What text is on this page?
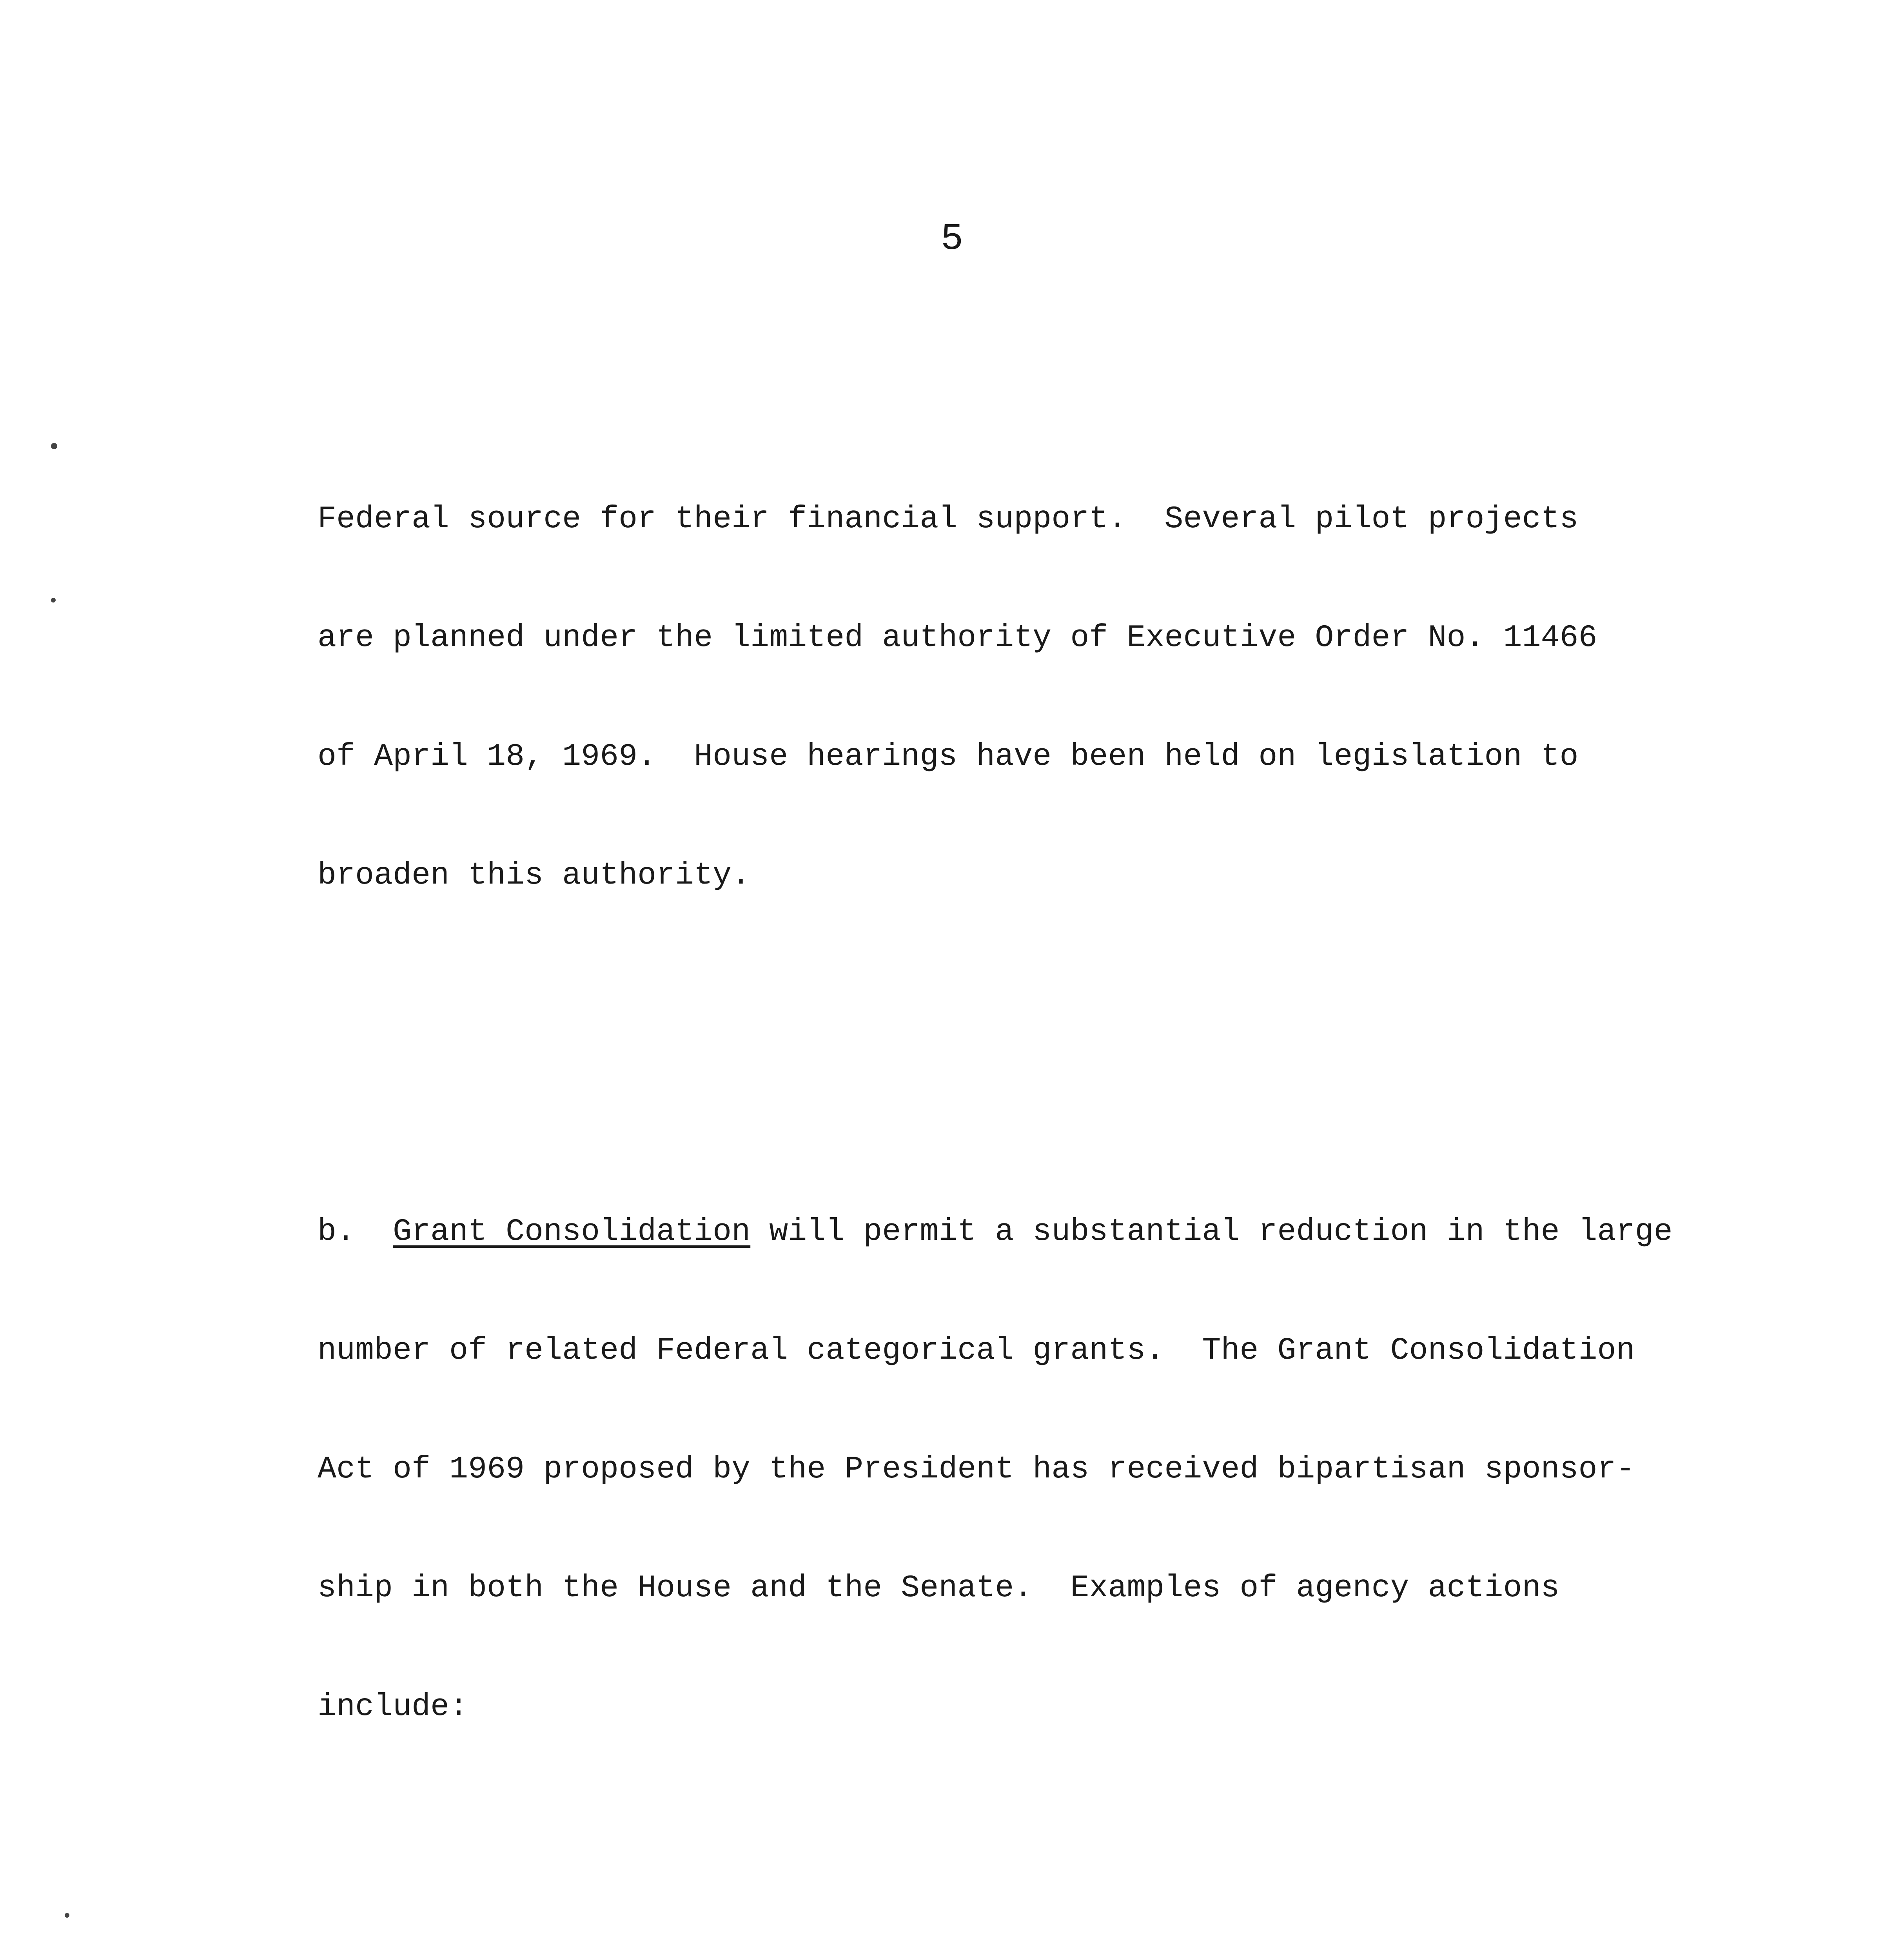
5

Federal source for their financial support.  Several pilot projects

are planned under the limited authority of Executive Order No. 11466

of April 18, 1969.  House hearings have been held on legislation to

broaden this authority.

b.  Grant Consolidation will permit a substantial reduction in the large

number of related Federal categorical grants.  The Grant Consolidation

Act of 1969 proposed by the President has received bipartisan sponsor-

ship in both the House and the Senate.  Examples of agency actions

include:
